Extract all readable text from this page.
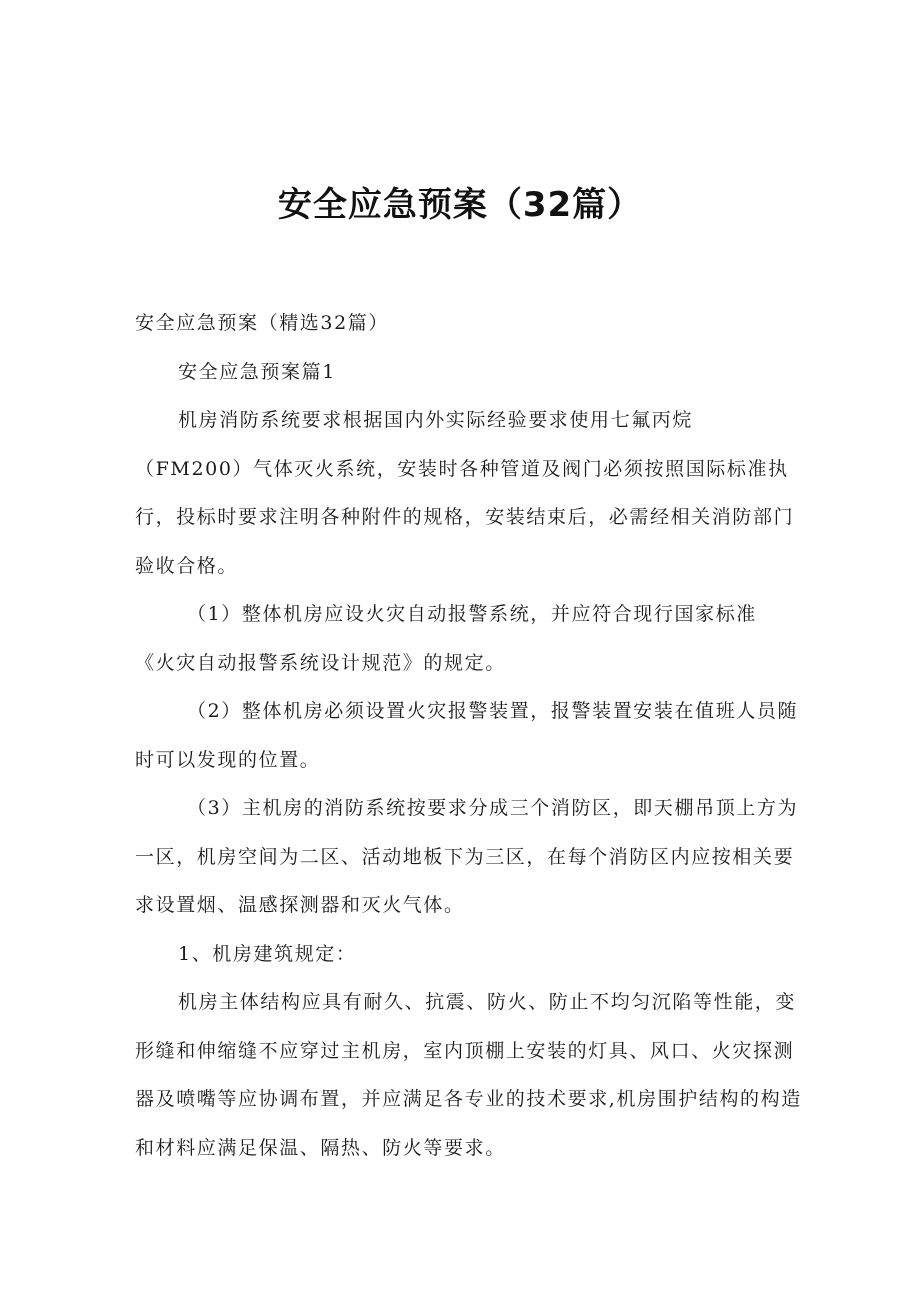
安全应急预案（32篇）

安全应急预案（精选32篇）

安全应急预案篇1

机房消防系统要求根据国内外实际经验要求使用七氟丙烷
（FM200）气体灭火系统，安装时各种管道及阀门必须按照国际标准执
行，投标时要求注明各种附件的规格，安装结束后，必需经相关消防部门
验收合格。
（1）整体机房应设火灾自动报警系统，并应符合现行国家标准
《火灾自动报警系统设计规范》的规定。
（2）整体机房必须设置火灾报警装置，报警装置安装在值班人员随
时可以发现的位置。
（3）主机房的消防系统按要求分成三个消防区，即天棚吊顶上方为
一区，机房空间为二区、活动地板下为三区，在每个消防区内应按相关要
求设置烟、温感探测器和灭火气体。
1、机房建筑规定：
机房主体结构应具有耐久、抗震、防火、防止不均匀沉陷等性能，变
形缝和伸缩缝不应穿过主机房，室内顶棚上安装的灯具、风口、火灾探测
器及喷嘴等应协调布置，并应满足各专业的技术要求,机房围护结构的构造
和材料应满足保温、隔热、防火等要求。
